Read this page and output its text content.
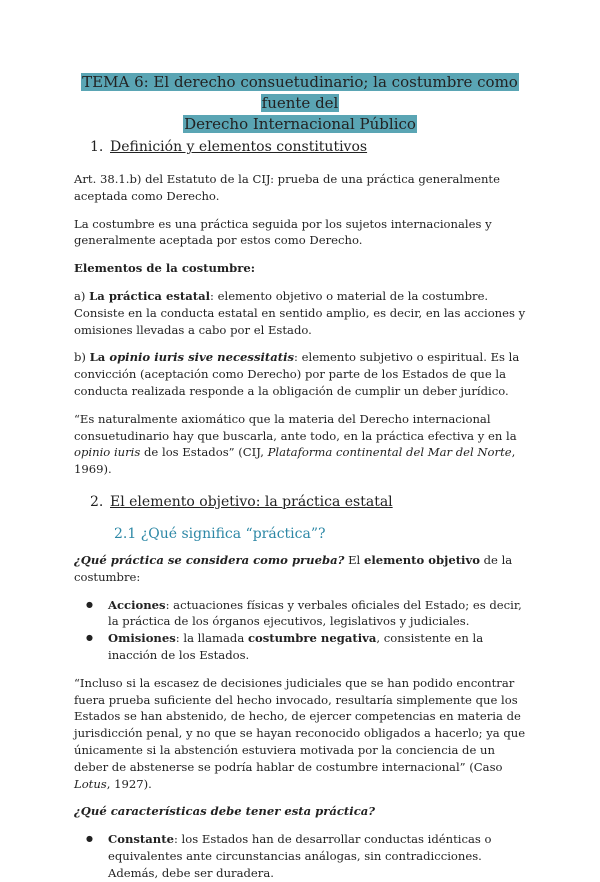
TEMA 6: El derecho consuetudinario; la costumbre como fuente del
Derecho Internacional Público
1. Definición y elementos constitutivos

Art. 38.1.b) del Estatuto de la CIJ: prueba de una práctica generalmente aceptada como Derecho.

La costumbre es una práctica seguida por los sujetos internacionales y generalmente aceptada por estos como Derecho.

Elementos de la costumbre:

a) La práctica estatal: elemento objetivo o material de la costumbre. Consiste en la conducta estatal en sentido amplio, es decir, en las acciones y omisiones llevadas a cabo por el Estado.

b) La opinio iuris sive necessitatis: elemento subjetivo o espiritual. Es la convicción (aceptación como Derecho) por parte de los Estados de que la conducta realizada responde a la obligación de cumplir un deber jurídico.

“Es naturalmente axiomático que la materia del Derecho internacional consuetudinario hay que buscarla, ante todo, en la práctica efectiva y en la opinio iuris de los Estados” (CIJ, Plataforma continental del Mar del Norte, 1969).

2. El elemento objetivo: la práctica estatal
2.1 ¿Qué significa “práctica”?

¿Qué práctica se considera como prueba? El elemento objetivo de la costumbre:

● Acciones: actuaciones físicas y verbales oficiales del Estado; es decir, la práctica de los órganos ejecutivos, legislativos y judiciales.
● Omisiones: la llamada costumbre negativa, consistente en la inacción de los Estados.

“Incluso si la escasez de decisiones judiciales que se han podido encontrar fuera prueba suficiente del hecho invocado, resultaría simplemente que los Estados se han abstenido, de hecho, de ejercer competencias en materia de jurisdicción penal, y no que se hayan reconocido obligados a hacerlo; ya que únicamente si la abstención estuviera motivada por la conciencia de un deber de abstenerse se podría hablar de costumbre internacional” (Caso Lotus, 1927).

¿Qué características debe tener esta práctica?

● Constante: los Estados han de desarrollar conductas idénticas o equivalentes ante circunstancias análogas, sin contradicciones. Además, debe ser duradera.
